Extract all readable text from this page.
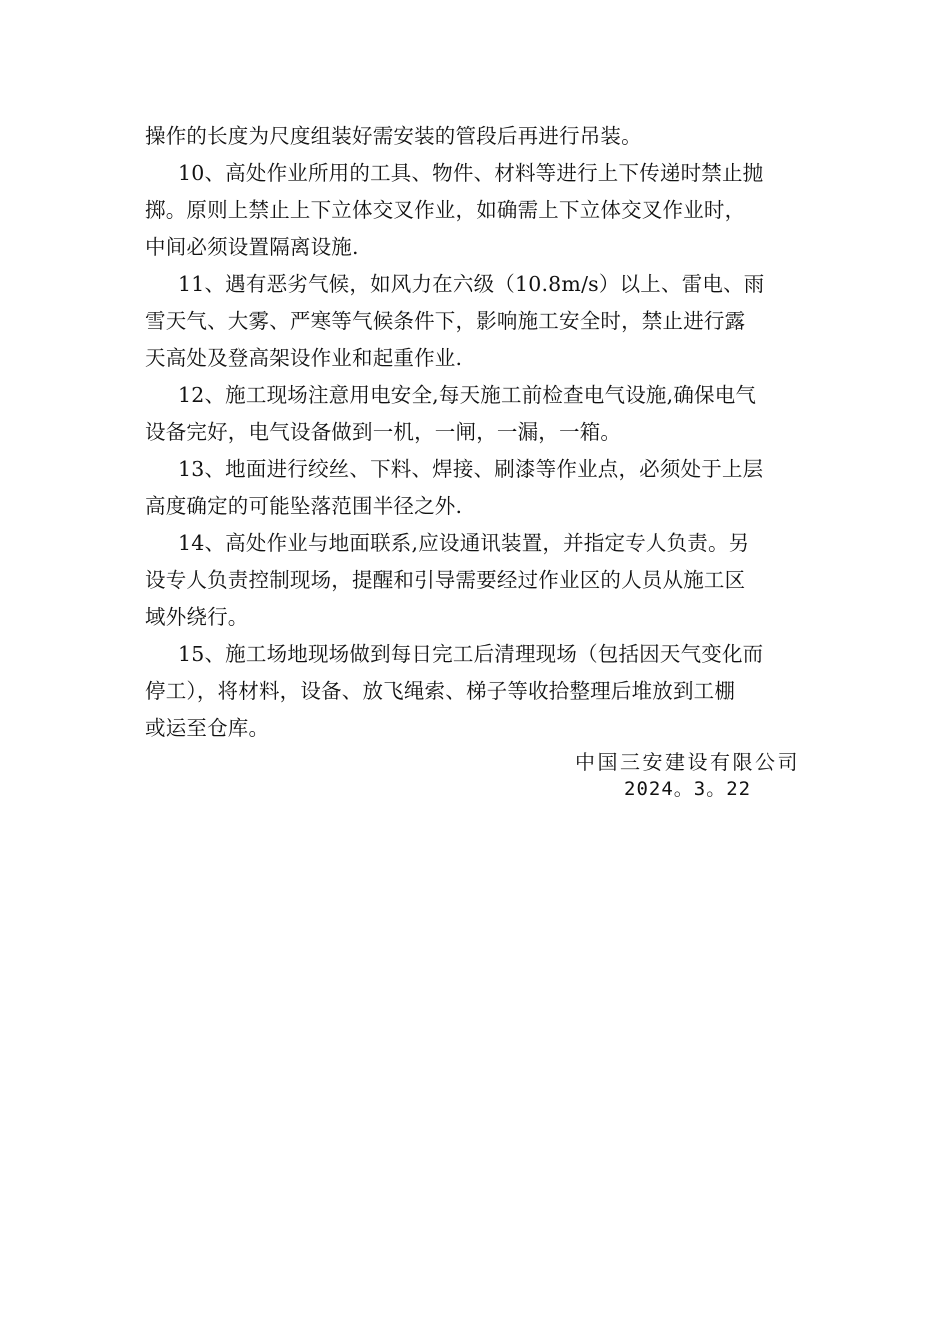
操作的长度为尺度组装好需安装的管段后再进行吊装。
10、高处作业所用的工具、物件、材料等进行上下传递时禁止抛
掷。原则上禁止上下立体交叉作业，如确需上下立体交叉作业时，
中间必须设置隔离设施.
11、遇有恶劣气候，如风力在六级（10.8m/s）以上、雷电、雨
雪天气、大雾、严寒等气候条件下，影响施工安全时，禁止进行露
天高处及登高架设作业和起重作业.
12、施工现场注意用电安全,每天施工前检查电气设施,确保电气
设备完好，电气设备做到一机，一闸，一漏，一箱。
13、地面进行绞丝、下料、焊接、刷漆等作业点，必须处于上层
高度确定的可能坠落范围半径之外.
14、高处作业与地面联系,应设通讯装置，并指定专人负责。另
设专人负责控制现场，提醒和引导需要经过作业区的人员从施工区
域外绕行。
15、施工场地现场做到每日完工后清理现场（包括因天气变化而
停工），将材料，设备、放飞绳索、梯子等收拾整理后堆放到工棚
或运至仓库。
中国三安建设有限公司
2024。3。22
